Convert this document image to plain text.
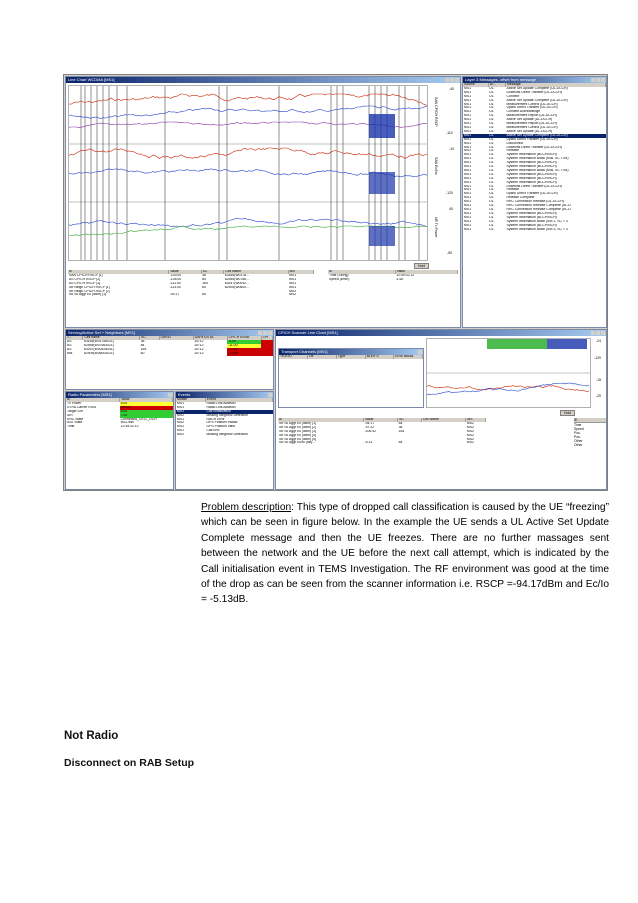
Line Chart WCDMA [MS1]
-40
-110
-10
-120
40
-50
SAN CPICH RSCP
SAN Ec/No
UE Tx Power
Hold
IE	Value	SC	Cell Name	MS
SAN CPICH RSCP [1]	-103.00	36	63165(W0178...	MS1
AS CPICH RSCP [2]	-105.00	84	62955(W0766...	MS1
AS CPICH RSCP [3]	-111.00	164	63257(W0042...	MS1
Str Neigh CPICH RSCP [1]	-113.00	60	62905(W0600...	MS1
Str Neigh CPICH RSCP [2]				MS2
Str Sc Aggr Ec (dBm) [1]	-94.17	84		MS2
IE	Value
Time (String)	12:49:32.12
Speed (km/h)	3.46
Layer 3 Messages, offset from message
Source	Di...	Message
MS1	UL	Active Set Update Complete (UL-DCCH)
MS1	UL	Downlink Direct Transfer (DL-DCCH)
MS1	UL	Connect
MS1	UL	Active Set Update Complete (UL-DCCH)
MS1	UL	Measurement Control (DL-DCCH)
MS1	UL	Uplink Direct Transfer (UL-DCCH)
MS1	UL	Connect Acknowledge
MS1	UL	Measurement Report (UL-DCCH)
MS1	DL	Active Set Update (DL-DCCH)
MS1	UL	Measurement Report (UL-DCCH)
MS1	DL	Measurement Control (DL-DCCH)
MS1	DL	Active Set Update (DL-DCCH)
MS1	UL	Active Set Update Complete (UL-DCCH)
MS1	UL	Uplink Direct Transfer (UL-DCCH)
MS1	DL	Disconnect
MS1	DL	Downlink Direct Transfer (DL-DCCH)
MS1	DL	Release
MS1	DL	System Information (BCCH:BCH)
MS1	DL	System Information Block (MIB, SC = 84)
MS1	DL	System Information (BCCH:BCH)
MS1	DL	System Information (BCCH:BCH)
MS1	DL	System Information Block (MIB, SC = 84)
MS1	DL	System Information (BCCH:BCH)
MS1	DL	System Information (BCCH:BCH)
MS1	DL	System Information (BCCH:BCH)
MS1	DL	Downlink Direct Transfer (DL-DCCH)
MS1	DL	Release
MS1	UL	Uplink Direct Transfer (UL-DCCH)
MS1	UL	Release Complete
MS1	DL	RRC Connection Release (DL-DCCH)
MS1	UL	RRC Connection Release Complete (UL-D
MS1	UL	RRC Connection Release Complete (UL-D
MS1	DL	System Information (BCCH:BCH)
MS1	DL	System Information (BCCH:BCH)
MS1	DL	System Information Block (SIB 1, SC = 3
MS1	DL	System Information (BCCH:BCH)
MS1	DL	System Information Block (SIB 3, SC = 3
Serving/Active Set + Neighbors [MS1]
T...	Cell name	SC	Cell ID	UARFCN DL	CPICH Ec/No	CPI
AS	63165(W01766021)	36		10712	-9.00	
AS	62955(W07663021)	84		10712	-11.00	
AS	63257(W00428031)	164		10712	-17.00	
MN	62905(W06004021)	60		10712	-19.00	
CPICH Scanner Line Chart [MS1]
-24
-120
-15
-20
Hold
Transport Channels [MS1]
TrCh ID	Dir	Type	BLER S	Error blocks
IE	Value	SC	Cell Name	MS
Str Sc Aggr Ec (dBm) [1]	-94.17	84		MS2
Str Sc Aggr Ec (dBm) [2]	-97.22	36		MS2
Str Sc Aggr Ec (dBm) [3]	-106.42	164		MS2
Str Sc Aggr Ec (dBm) [4]				MS2
Str Sc Aggr Ec (dBm) [5]				MS2
Str Sc Aggr Ec/Io (dB)...	-5.13	84		MS2
IE
Time
Speed
Pos.
Pos.
Other
Other
Radio Parameters [MS1]
IE	Value
Tx Power	5.00
UTRA Carrier RSSI	-88.00
Target SIR	6.00
SIR	7.00
RRC State	Connected_CELL_DCH
RAT State	WCDMA
Time	12:49:32.12
Events
Mobile	Event
MS1	Radio Link Addition
MS1	Radio Link Addition
MS1	Call Initialization
MS2	Missing Neighbor Detection
MS1	RACH Error
MS2	GPS Position Invalid
MS2	GPS Position Valid
MS1	Call End
MS2	Missing Neighbor Detection
Problem description: This type of dropped call classification is caused by the UE “freezing” which can be seen in figure below. In the example the UE sends a UL Active Set Update Complete message and then the UE freezes. There are no further massages sent between the network and the UE before the next call attempt, which is indicated by the Call initialisation event in TEMS Investigation. The RF environment was good at the time of the drop as can be seen from the scanner information i.e. RSCP =-94.17dBm and Ec/Io = -5.13dB.
Not Radio
Disconnect on RAB Setup
